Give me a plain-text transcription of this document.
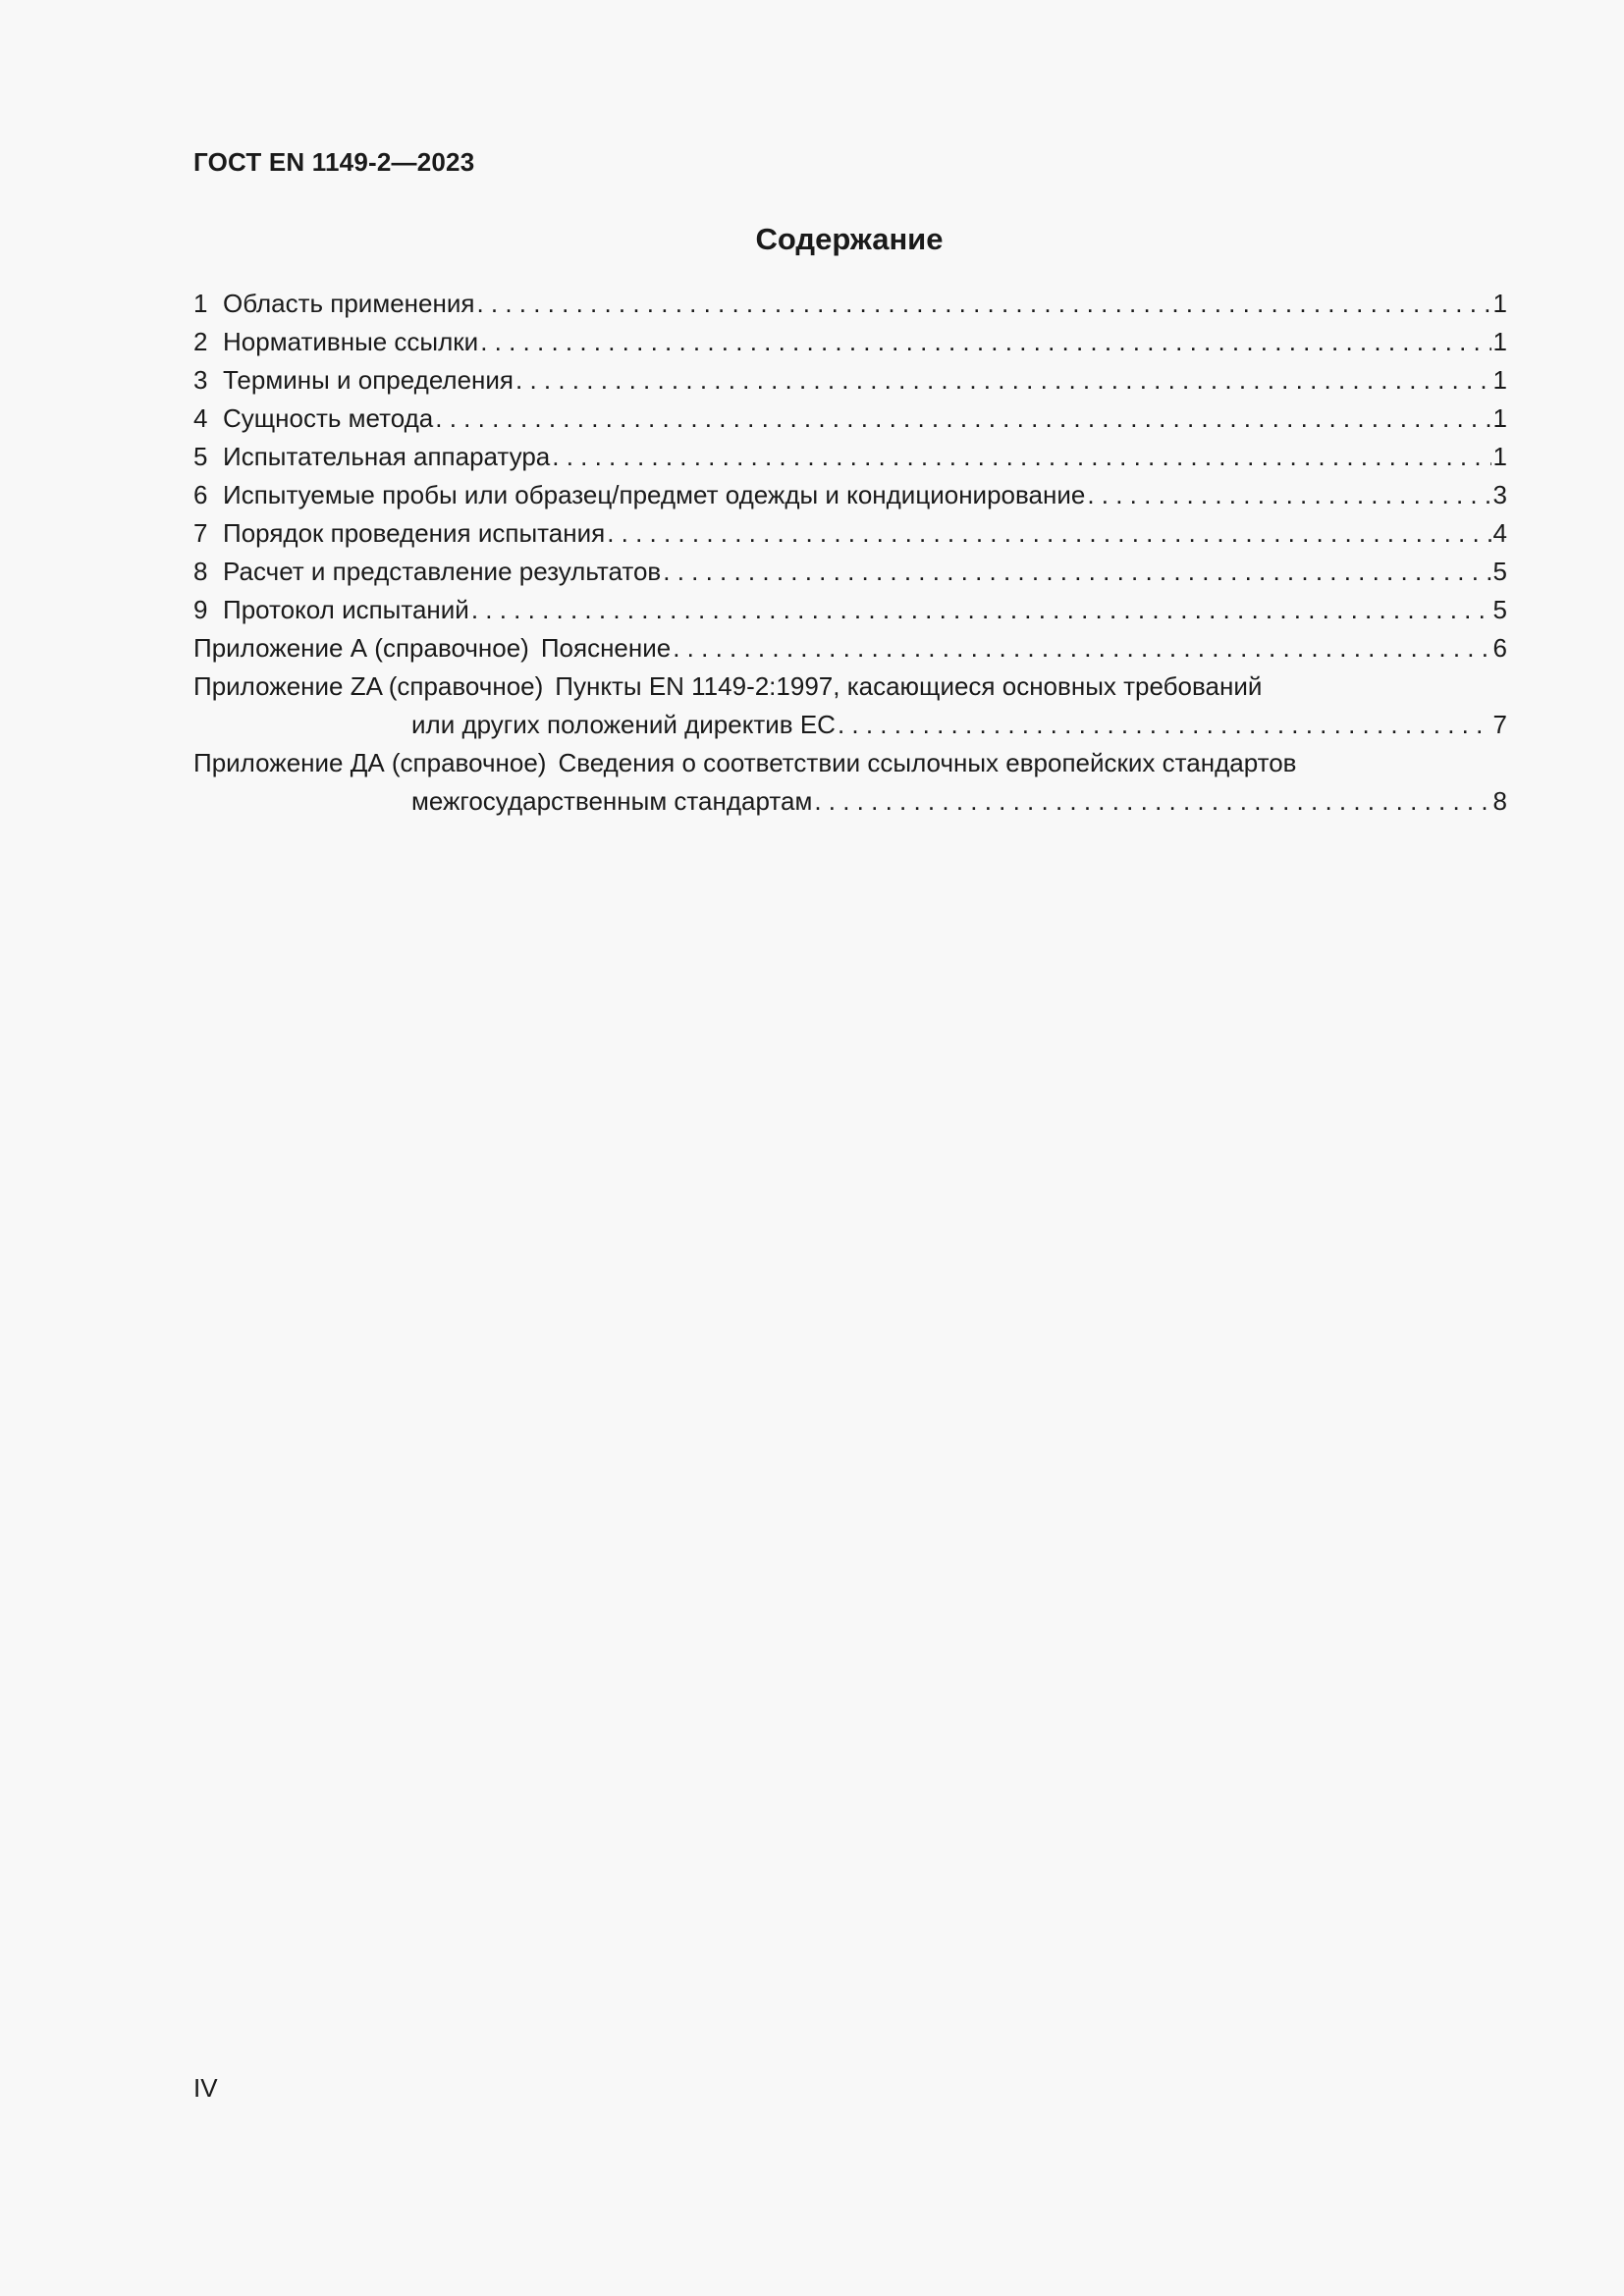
ГОСТ EN 1149-2—2023
Содержание
1 Область применения . . .	1
2 Нормативные ссылки . . .	1
3 Термины и определения . . .	1
4 Сущность метода . . .	1
5 Испытательная аппаратура . . .	1
6 Испытуемые пробы или образец/предмет одежды и кондиционирование . . .	3
7 Порядок проведения испытания . . .	4
8 Расчет и представление результатов . . .	5
9 Протокол испытаний . . .	5
Приложение А (справочное) Пояснение . . .	6
Приложение ZA (справочное) Пункты EN 1149-2:1997, касающиеся основных требований
или других положений директив ЕС . . .	7
Приложение ДА (справочное) Сведения о соответствии ссылочных европейских стандартов
межгосударственным стандартам . . .	8
IV
